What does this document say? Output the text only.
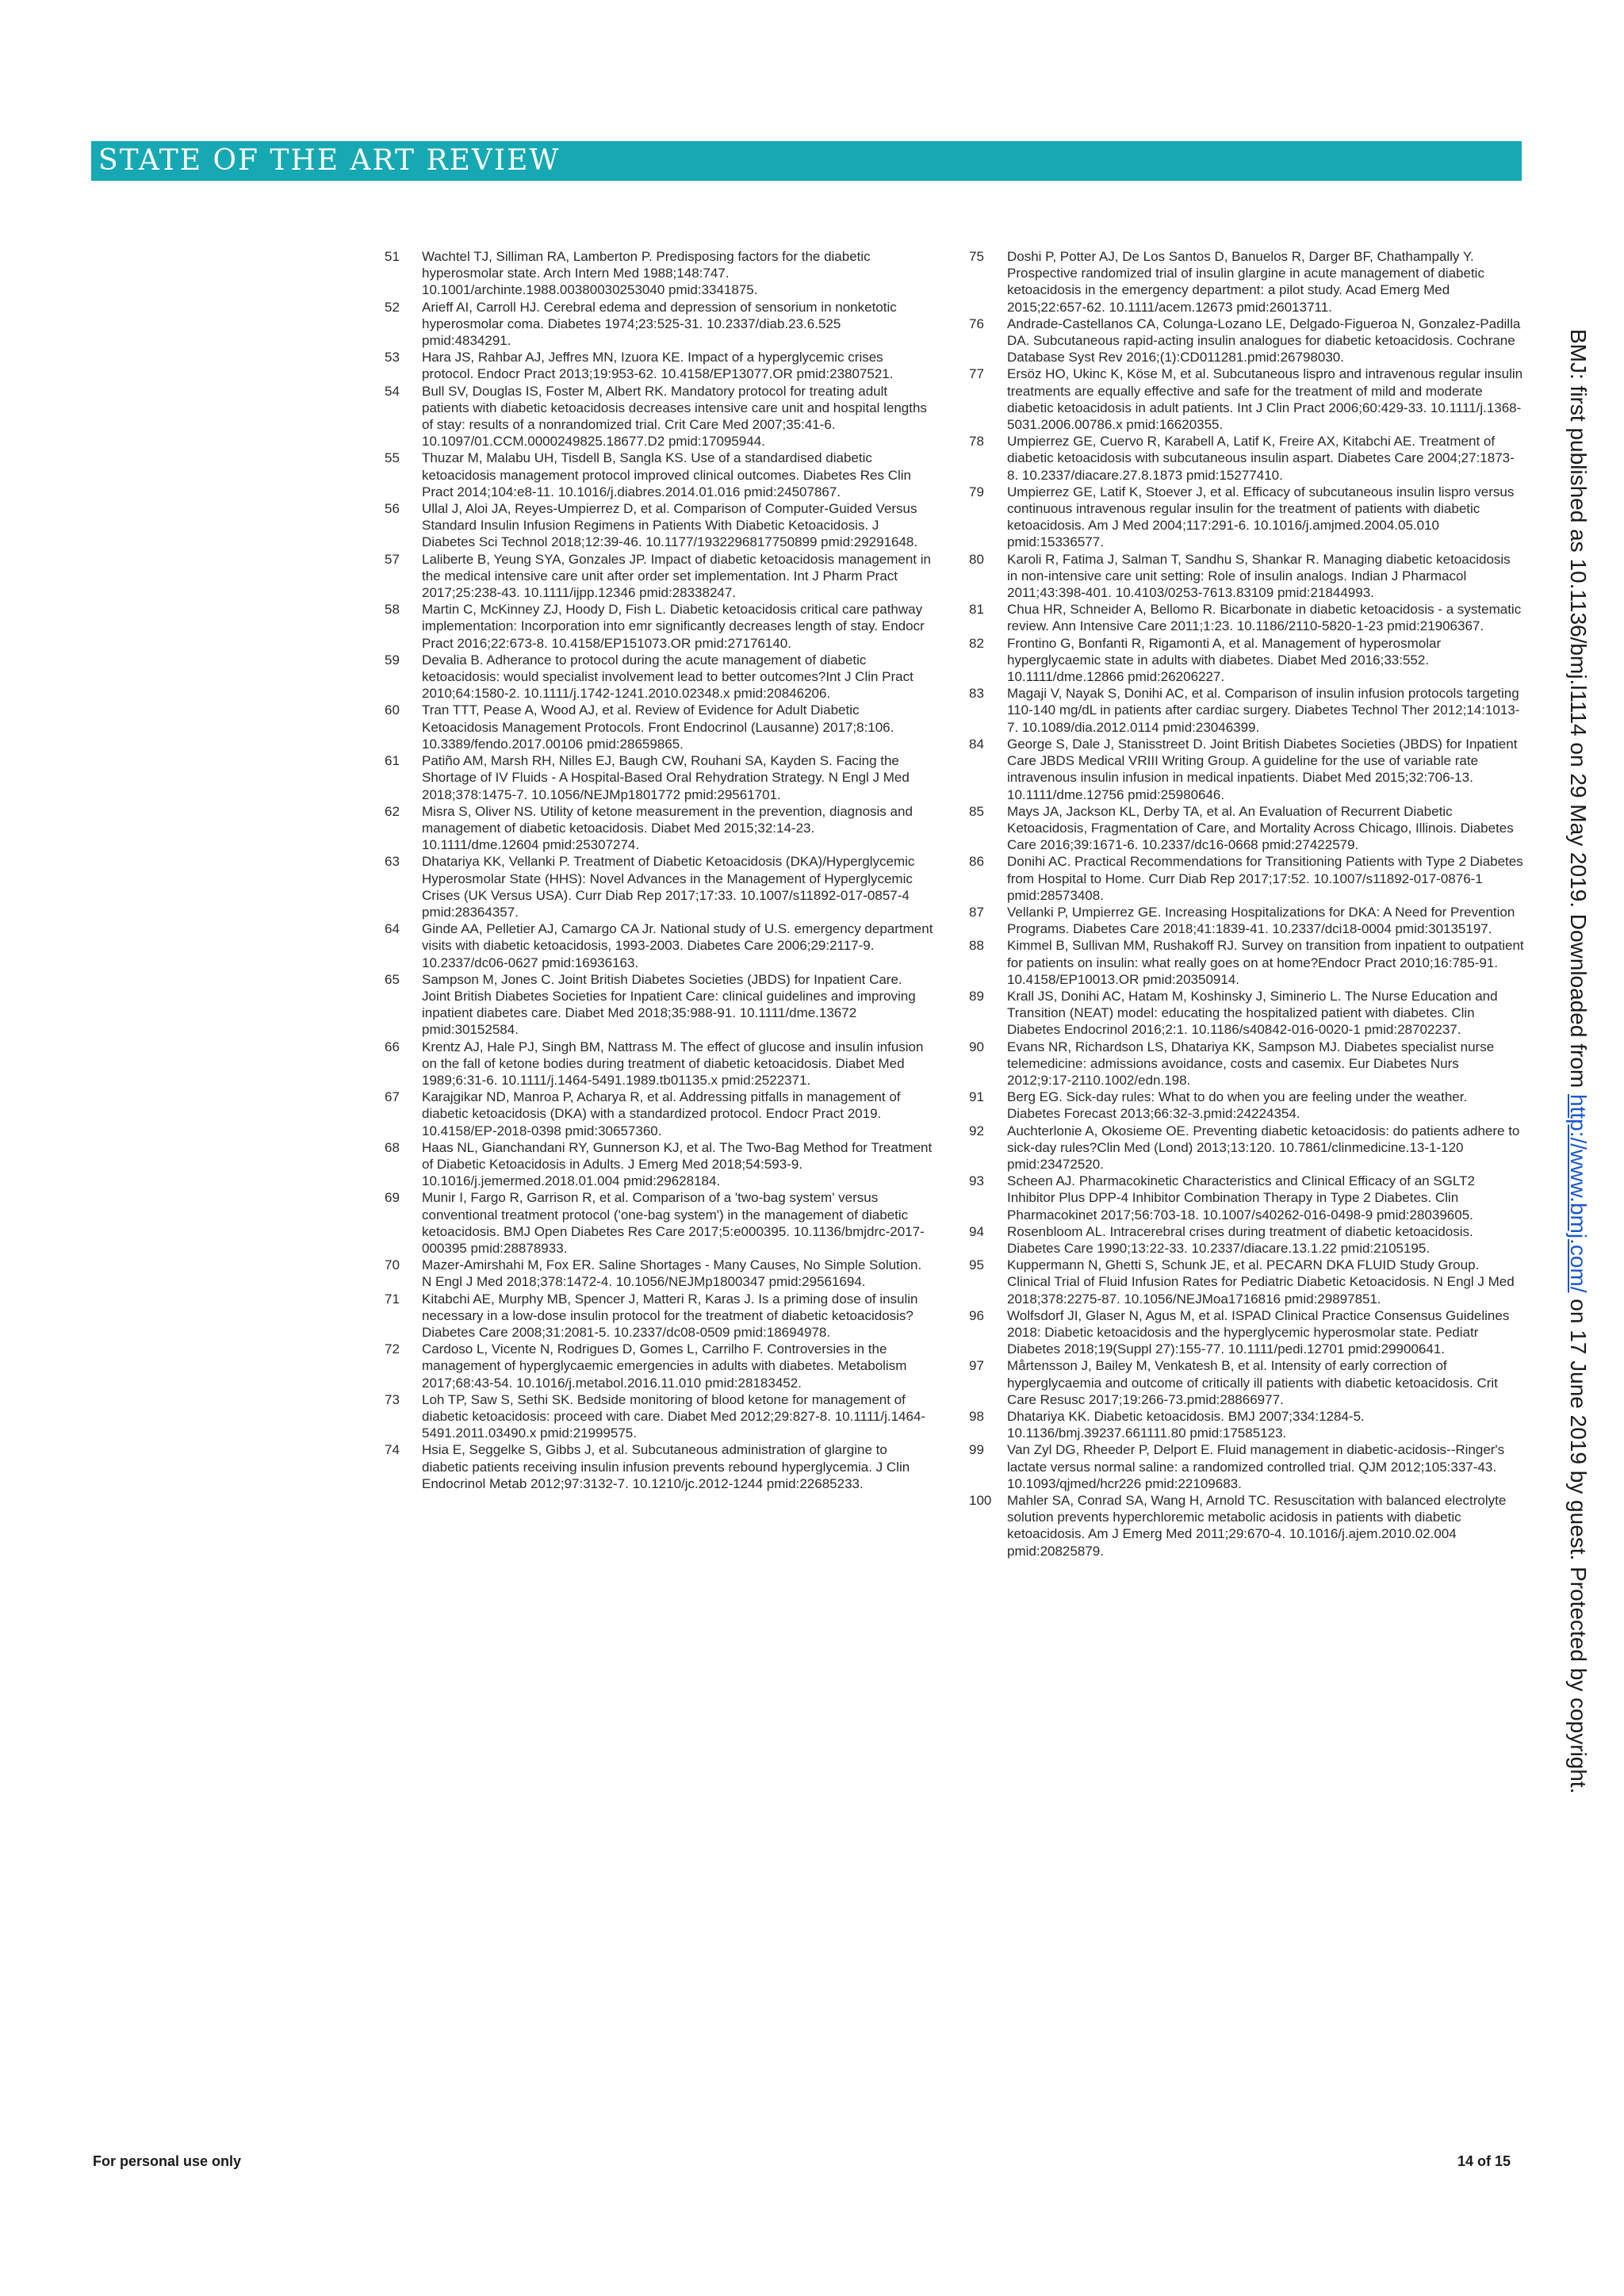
STATE OF THE ART REVIEW
51	Wachtel TJ, Silliman RA, Lamberton P. Predisposing factors for the diabetic hyperosmolar state. Arch Intern Med 1988;148:747. 10.1001/archinte.1988.00380030253040 pmid:3341875.
52	Arieff AI, Carroll HJ. Cerebral edema and depression of sensorium in nonketotic hyperosmolar coma. Diabetes 1974;23:525-31. 10.2337/diab.23.6.525 pmid:4834291.
53	Hara JS, Rahbar AJ, Jeffres MN, Izuora KE. Impact of a hyperglycemic crises protocol. Endocr Pract 2013;19:953-62. 10.4158/EP13077.OR pmid:23807521.
54	Bull SV, Douglas IS, Foster M, Albert RK. Mandatory protocol for treating adult patients with diabetic ketoacidosis decreases intensive care unit and hospital lengths of stay: results of a nonrandomized trial. Crit Care Med 2007;35:41-6. 10.1097/01.CCM.0000249825.18677.D2 pmid:17095944.
55	Thuzar M, Malabu UH, Tisdell B, Sangla KS. Use of a standardised diabetic ketoacidosis management protocol improved clinical outcomes. Diabetes Res Clin Pract 2014;104:e8-11. 10.1016/j.diabres.2014.01.016 pmid:24507867.
56	Ullal J, Aloi JA, Reyes-Umpierrez D, et al. Comparison of Computer-Guided Versus Standard Insulin Infusion Regimens in Patients With Diabetic Ketoacidosis. J Diabetes Sci Technol 2018;12:39-46. 10.1177/1932296817750899 pmid:29291648.
57	Laliberte B, Yeung SYA, Gonzales JP. Impact of diabetic ketoacidosis management in the medical intensive care unit after order set implementation. Int J Pharm Pract 2017;25:238-43. 10.1111/ijpp.12346 pmid:28338247.
58	Martin C, McKinney ZJ, Hoody D, Fish L. Diabetic ketoacidosis critical care pathway implementation: Incorporation into emr significantly decreases length of stay. Endocr Pract 2016;22:673-8. 10.4158/EP151073.OR pmid:27176140.
59	Devalia B. Adherance to protocol during the acute management of diabetic ketoacidosis: would specialist involvement lead to better outcomes?Int J Clin Pract 2010;64:1580-2. 10.1111/j.1742-1241.2010.02348.x pmid:20846206.
60	Tran TTT, Pease A, Wood AJ, et al. Review of Evidence for Adult Diabetic Ketoacidosis Management Protocols. Front Endocrinol (Lausanne) 2017;8:106. 10.3389/fendo.2017.00106 pmid:28659865.
61	Patiño AM, Marsh RH, Nilles EJ, Baugh CW, Rouhani SA, Kayden S. Facing the Shortage of IV Fluids - A Hospital-Based Oral Rehydration Strategy. N Engl J Med 2018;378:1475-7. 10.1056/NEJMp1801772 pmid:29561701.
62	Misra S, Oliver NS. Utility of ketone measurement in the prevention, diagnosis and management of diabetic ketoacidosis. Diabet Med 2015;32:14-23. 10.1111/dme.12604 pmid:25307274.
63	Dhatariya KK, Vellanki P. Treatment of Diabetic Ketoacidosis (DKA)/Hyperglycemic Hyperosmolar State (HHS): Novel Advances in the Management of Hyperglycemic Crises (UK Versus USA). Curr Diab Rep 2017;17:33. 10.1007/s11892-017-0857-4 pmid:28364357.
64	Ginde AA, Pelletier AJ, Camargo CA Jr. National study of U.S. emergency department visits with diabetic ketoacidosis, 1993-2003. Diabetes Care 2006;29:2117-9. 10.2337/dc06-0627 pmid:16936163.
65	Sampson M, Jones C. Joint British Diabetes Societies (JBDS) for Inpatient Care. Joint British Diabetes Societies for Inpatient Care: clinical guidelines and improving inpatient diabetes care. Diabet Med 2018;35:988-91. 10.1111/dme.13672 pmid:30152584.
66	Krentz AJ, Hale PJ, Singh BM, Nattrass M. The effect of glucose and insulin infusion on the fall of ketone bodies during treatment of diabetic ketoacidosis. Diabet Med 1989;6:31-6. 10.1111/j.1464-5491.1989.tb01135.x pmid:2522371.
67	Karajgikar ND, Manroa P, Acharya R, et al. Addressing pitfalls in management of diabetic ketoacidosis (DKA) with a standardized protocol. Endocr Pract 2019. 10.4158/EP-2018-0398 pmid:30657360.
68	Haas NL, Gianchandani RY, Gunnerson KJ, et al. The Two-Bag Method for Treatment of Diabetic Ketoacidosis in Adults. J Emerg Med 2018;54:593-9. 10.1016/j.jemermed.2018.01.004 pmid:29628184.
69	Munir I, Fargo R, Garrison R, et al. Comparison of a 'two-bag system' versus conventional treatment protocol ('one-bag system') in the management of diabetic ketoacidosis. BMJ Open Diabetes Res Care 2017;5:e000395. 10.1136/bmjdrc-2017-000395 pmid:28878933.
70	Mazer-Amirshahi M, Fox ER. Saline Shortages - Many Causes, No Simple Solution. N Engl J Med 2018;378:1472-4. 10.1056/NEJMp1800347 pmid:29561694.
71	Kitabchi AE, Murphy MB, Spencer J, Matteri R, Karas J. Is a priming dose of insulin necessary in a low-dose insulin protocol for the treatment of diabetic ketoacidosis?Diabetes Care 2008;31:2081-5. 10.2337/dc08-0509 pmid:18694978.
72	Cardoso L, Vicente N, Rodrigues D, Gomes L, Carrilho F. Controversies in the management of hyperglycaemic emergencies in adults with diabetes. Metabolism 2017;68:43-54. 10.1016/j.metabol.2016.11.010 pmid:28183452.
73	Loh TP, Saw S, Sethi SK. Bedside monitoring of blood ketone for management of diabetic ketoacidosis: proceed with care. Diabet Med 2012;29:827-8. 10.1111/j.1464-5491.2011.03490.x pmid:21999575.
74	Hsia E, Seggelke S, Gibbs J, et al. Subcutaneous administration of glargine to diabetic patients receiving insulin infusion prevents rebound hyperglycemia. J Clin Endocrinol Metab 2012;97:3132-7. 10.1210/jc.2012-1244 pmid:22685233.
75	Doshi P, Potter AJ, De Los Santos D, Banuelos R, Darger BF, Chathampally Y. Prospective randomized trial of insulin glargine in acute management of diabetic ketoacidosis in the emergency department: a pilot study. Acad Emerg Med 2015;22:657-62. 10.1111/acem.12673 pmid:26013711.
76	Andrade-Castellanos CA, Colunga-Lozano LE, Delgado-Figueroa N, Gonzalez-Padilla DA. Subcutaneous rapid-acting insulin analogues for diabetic ketoacidosis. Cochrane Database Syst Rev 2016;(1):CD011281.pmid:26798030.
77	Ersöz HO, Ukinc K, Köse M, et al. Subcutaneous lispro and intravenous regular insulin treatments are equally effective and safe for the treatment of mild and moderate diabetic ketoacidosis in adult patients. Int J Clin Pract 2006;60:429-33. 10.1111/j.1368-5031.2006.00786.x pmid:16620355.
78	Umpierrez GE, Cuervo R, Karabell A, Latif K, Freire AX, Kitabchi AE. Treatment of diabetic ketoacidosis with subcutaneous insulin aspart. Diabetes Care 2004;27:1873-8. 10.2337/diacare.27.8.1873 pmid:15277410.
79	Umpierrez GE, Latif K, Stoever J, et al. Efficacy of subcutaneous insulin lispro versus continuous intravenous regular insulin for the treatment of patients with diabetic ketoacidosis. Am J Med 2004;117:291-6. 10.1016/j.amjmed.2004.05.010 pmid:15336577.
80	Karoli R, Fatima J, Salman T, Sandhu S, Shankar R. Managing diabetic ketoacidosis in non-intensive care unit setting: Role of insulin analogs. Indian J Pharmacol 2011;43:398-401. 10.4103/0253-7613.83109 pmid:21844993.
81	Chua HR, Schneider A, Bellomo R. Bicarbonate in diabetic ketoacidosis - a systematic review. Ann Intensive Care 2011;1:23. 10.1186/2110-5820-1-23 pmid:21906367.
82	Frontino G, Bonfanti R, Rigamonti A, et al. Management of hyperosmolar hyperglycaemic state in adults with diabetes. Diabet Med 2016;33:552. 10.1111/dme.12866 pmid:26206227.
83	Magaji V, Nayak S, Donihi AC, et al. Comparison of insulin infusion protocols targeting 110-140 mg/dL in patients after cardiac surgery. Diabetes Technol Ther 2012;14:1013-7. 10.1089/dia.2012.0114 pmid:23046399.
84	George S, Dale J, Stanisstreet D. Joint British Diabetes Societies (JBDS) for Inpatient Care JBDS Medical VRIII Writing Group. A guideline for the use of variable rate intravenous insulin infusion in medical inpatients. Diabet Med 2015;32:706-13. 10.1111/dme.12756 pmid:25980646.
85	Mays JA, Jackson KL, Derby TA, et al. An Evaluation of Recurrent Diabetic Ketoacidosis, Fragmentation of Care, and Mortality Across Chicago, Illinois. Diabetes Care 2016;39:1671-6. 10.2337/dc16-0668 pmid:27422579.
86	Donihi AC. Practical Recommendations for Transitioning Patients with Type 2 Diabetes from Hospital to Home. Curr Diab Rep 2017;17:52. 10.1007/s11892-017-0876-1 pmid:28573408.
87	Vellanki P, Umpierrez GE. Increasing Hospitalizations for DKA: A Need for Prevention Programs. Diabetes Care 2018;41:1839-41. 10.2337/dci18-0004 pmid:30135197.
88	Kimmel B, Sullivan MM, Rushakoff RJ. Survey on transition from inpatient to outpatient for patients on insulin: what really goes on at home?Endocr Pract 2010;16:785-91. 10.4158/EP10013.OR pmid:20350914.
89	Krall JS, Donihi AC, Hatam M, Koshinsky J, Siminerio L. The Nurse Education and Transition (NEAT) model: educating the hospitalized patient with diabetes. Clin Diabetes Endocrinol 2016;2:1. 10.1186/s40842-016-0020-1 pmid:28702237.
90	Evans NR, Richardson LS, Dhatariya KK, Sampson MJ. Diabetes specialist nurse telemedicine: admissions avoidance, costs and casemix. Eur Diabetes Nurs 2012;9:17-2110.1002/edn.198.
91	Berg EG. Sick-day rules: What to do when you are feeling under the weather. Diabetes Forecast 2013;66:32-3.pmid:24224354.
92	Auchterlonie A, Okosieme OE. Preventing diabetic ketoacidosis: do patients adhere to sick-day rules?Clin Med (Lond) 2013;13:120. 10.7861/clinmedicine.13-1-120 pmid:23472520.
93	Scheen AJ. Pharmacokinetic Characteristics and Clinical Efficacy of an SGLT2 Inhibitor Plus DPP-4 Inhibitor Combination Therapy in Type 2 Diabetes. Clin Pharmacokinet 2017;56:703-18. 10.1007/s40262-016-0498-9 pmid:28039605.
94	Rosenbloom AL. Intracerebral crises during treatment of diabetic ketoacidosis. Diabetes Care 1990;13:22-33. 10.2337/diacare.13.1.22 pmid:2105195.
95	Kuppermann N, Ghetti S, Schunk JE, et al. PECARN DKA FLUID Study Group. Clinical Trial of Fluid Infusion Rates for Pediatric Diabetic Ketoacidosis. N Engl J Med 2018;378:2275-87. 10.1056/NEJMoa1716816 pmid:29897851.
96	Wolfsdorf JI, Glaser N, Agus M, et al. ISPAD Clinical Practice Consensus Guidelines 2018: Diabetic ketoacidosis and the hyperglycemic hyperosmolar state. Pediatr Diabetes 2018;19(Suppl 27):155-77. 10.1111/pedi.12701 pmid:29900641.
97	Mårtensson J, Bailey M, Venkatesh B, et al. Intensity of early correction of hyperglycaemia and outcome of critically ill patients with diabetic ketoacidosis. Crit Care Resusc 2017;19:266-73.pmid:28866977.
98	Dhatariya KK. Diabetic ketoacidosis. BMJ 2007;334:1284-5. 10.1136/bmj.39237.661111.80 pmid:17585123.
99	Van Zyl DG, Rheeder P, Delport E. Fluid management in diabetic-acidosis--Ringer's lactate versus normal saline: a randomized controlled trial. QJM 2012;105:337-43. 10.1093/qjmed/hcr226 pmid:22109683.
100	Mahler SA, Conrad SA, Wang H, Arnold TC. Resuscitation with balanced electrolyte solution prevents hyperchloremic metabolic acidosis in patients with diabetic ketoacidosis. Am J Emerg Med 2011;29:670-4. 10.1016/j.ajem.2010.02.004 pmid:20825879.
BMJ: first published as 10.1136/bmj.l1114 on 29 May 2019. Downloaded from http://www.bmj.com/ on 17 June 2019 by guest. Protected by copyright.
For personal use only	14 of 15
